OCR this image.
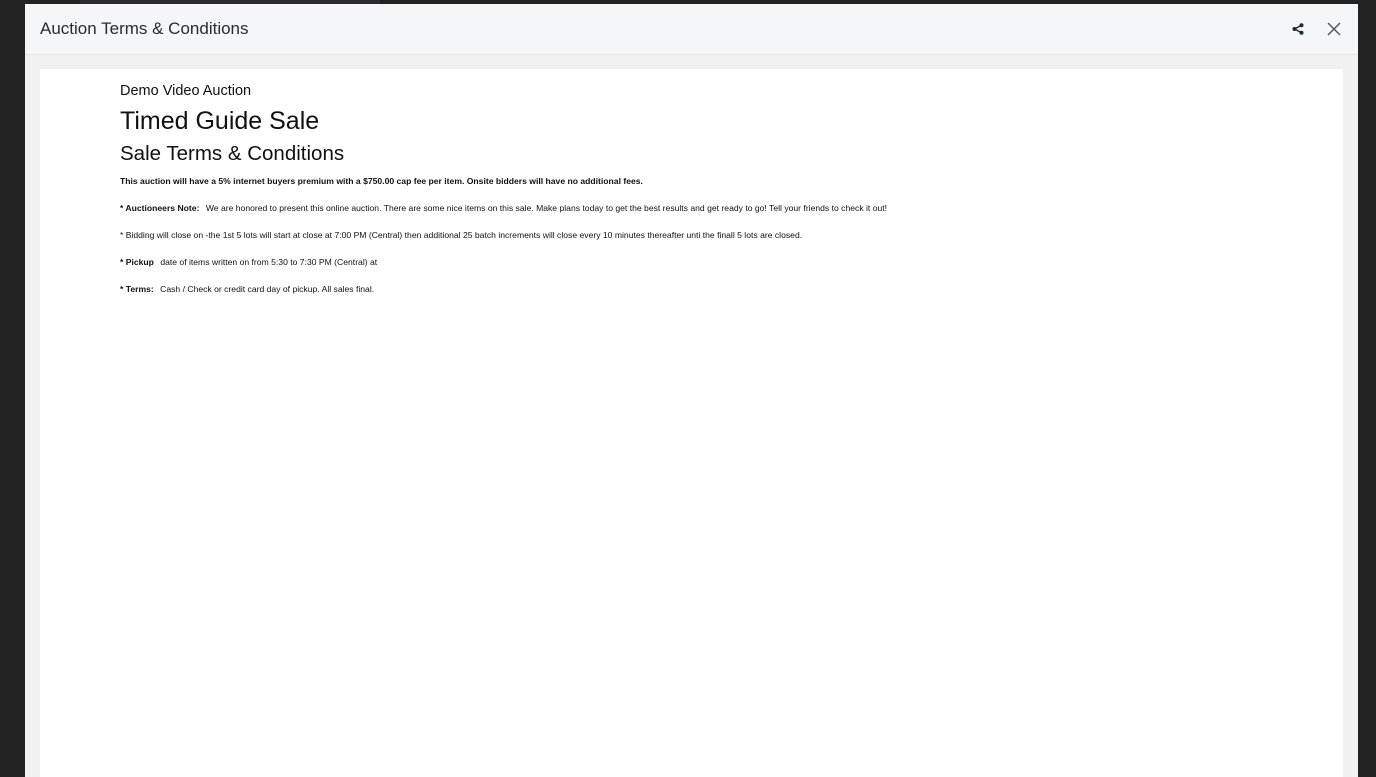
Auction Terms & Conditions

Demo Video Auction

Timed Guide Sale
Sale Terms & Conditions

This auction will have a 5% internet buyers premium with a $750.00 cap fee per item. Onsite bidders will have no additional fees.

* Auctioneers Note: We are honored to present this online auction. There are some nice items on this sale. Make plans today to get the best results and get ready to go! Tell your friends to check it out!

* Bidding will close on -the 1st 5 lots will start at close at 7:00 PM (Central) then additional 25 batch increments will close every 10 minutes thereafter unti the finall 5 lots are closed.

* Pickup date of items written on from 5:30 to 7:30 PM (Central) at

* Terms: Cash / Check or credit card day of pickup. All sales final.
